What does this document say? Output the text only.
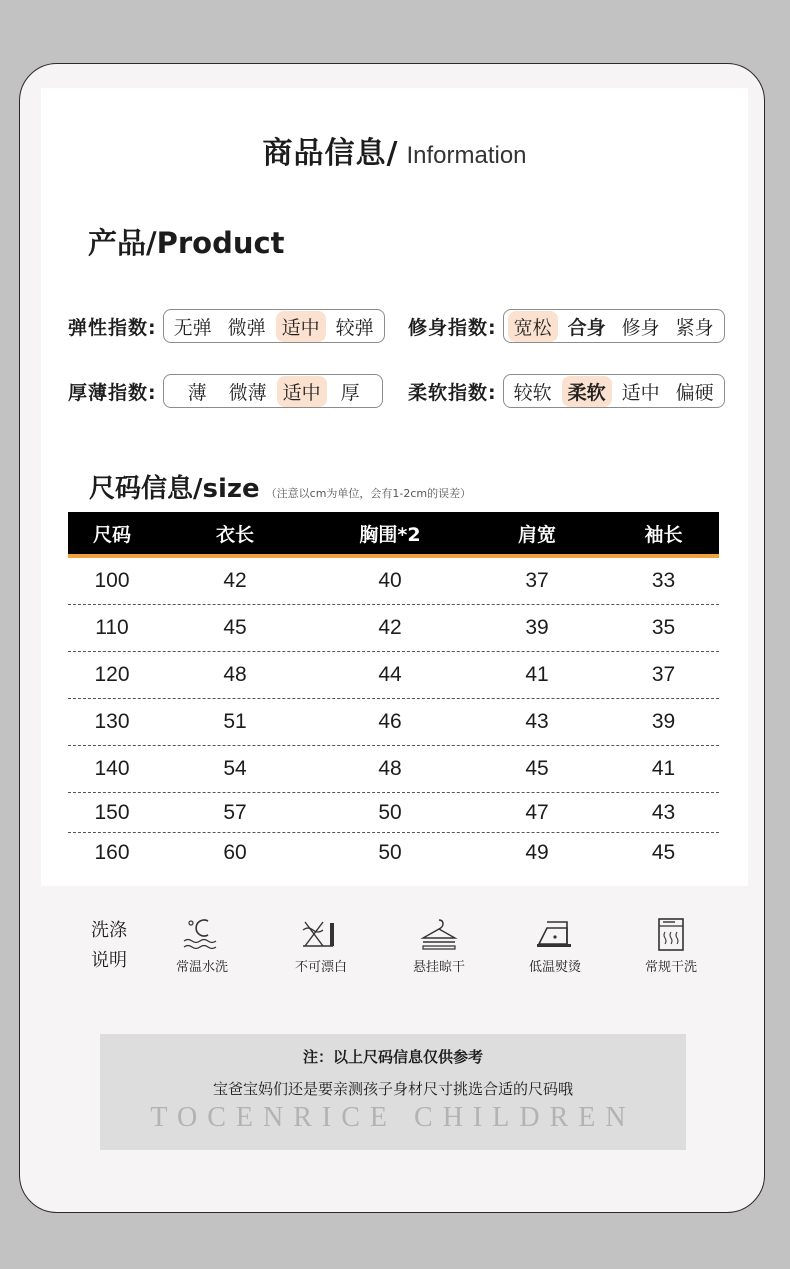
商品信息/ Information
产品/Product
弹性指数: 无弹 微弹 适中 较弹	修身指数: 宽松 合身 修身 紧身
厚薄指数:	薄	微薄 适中	厚	柔软指数: 较软 柔软 适中 偏硬
尺码信息/size （注意以cm为单位，会有1-2cm的误差）
尺码	衣长	胸围*2	肩宽	袖长
100	42	40	37	33
110	45	42	39	35
120	48	44	41	37
130	51	46	43	39
140	54	48	45	41
150	57	50	47	43
160	60	50	49	45
洗涤
说明	常温水洗	不可漂白	悬挂晾干	低温熨烫	常规干洗
注：以上尺码信息仅供参考
宝爸宝妈们还是要亲测孩子身材尺寸挑选合适的尺码哦
TOCENRICE CHILDREN
